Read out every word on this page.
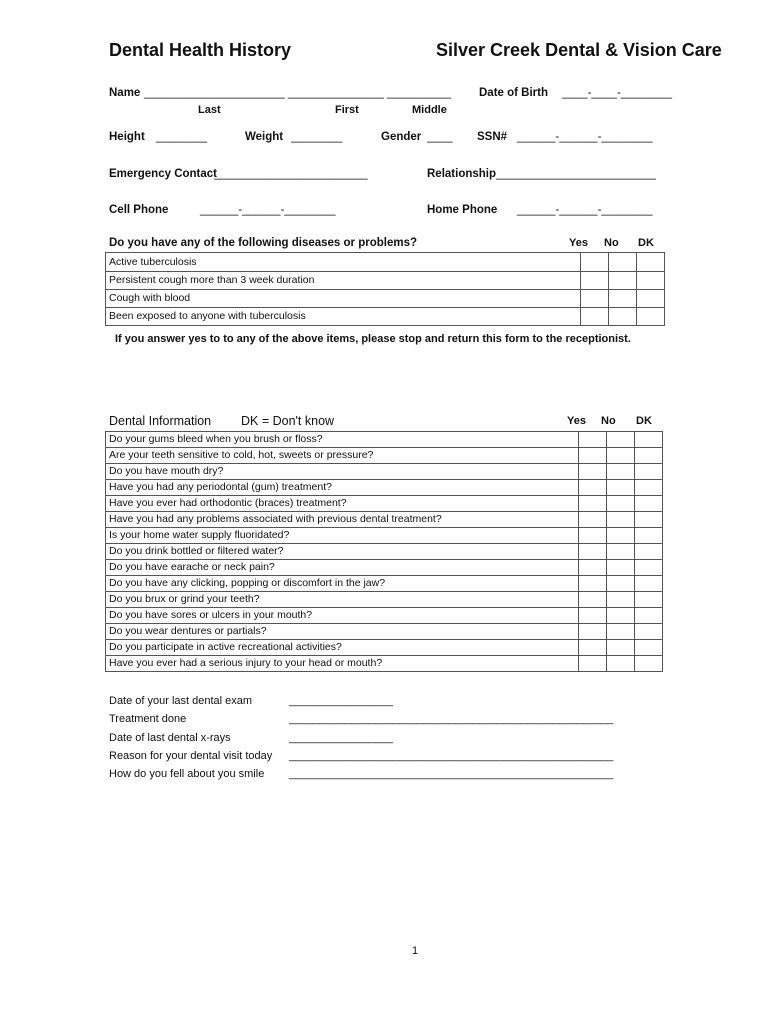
Dental Health History	Silver Creek Dental & Vision Care
Name ______________________ _______________ __________ Date of Birth ____-____-________
Last	First	Middle
Height ________	Weight ________	Gender ____ SSN# ______-______-________
Emergency Contact
________________________	Relationship _________________________
Cell Phone	______-______-________	Home Phone ______-______-________
Do you have any of the following diseases or problems?	Yes No DK
Active tuberculosis			
Persistent cough more than 3 week duration			
Cough with blood			
Been exposed to anyone with tuberculosis			
If you answer yes to to any of the above items, please stop and return this form to the receptionist.
Dental Information DK = Don't know	Yes No DK
Do your gums bleed when you brush or floss?			
Are your teeth sensitive to cold, hot, sweets or pressure?			
Do you have mouth dry?			
Have you had any periodontal (gum) treatment?			
Have you ever had orthodontic (braces) treatment?			
Have you had any problems associated with previous dental treatment?			
Is your home water supply fluoridated?			
Do you drink bottled or filtered water?			
Do you have earache or neck pain?			
Do you have any clicking, popping or discomfort in the jaw?			
Do you brux or grind your teeth?			
Do you have sores or ulcers in your mouth?			
Do you wear dentures or partials?			
Do you participate in active recreational activities?			
Have you ever had a serious injury to your head or mouth?			
Date of your last dental exam	_________________
Treatment done	_____________________________________________________
Date of last dental x-rays	_________________
Reason for your dental visit today _____________________________________________________
How do you fell about you smile _____________________________________________________
1
